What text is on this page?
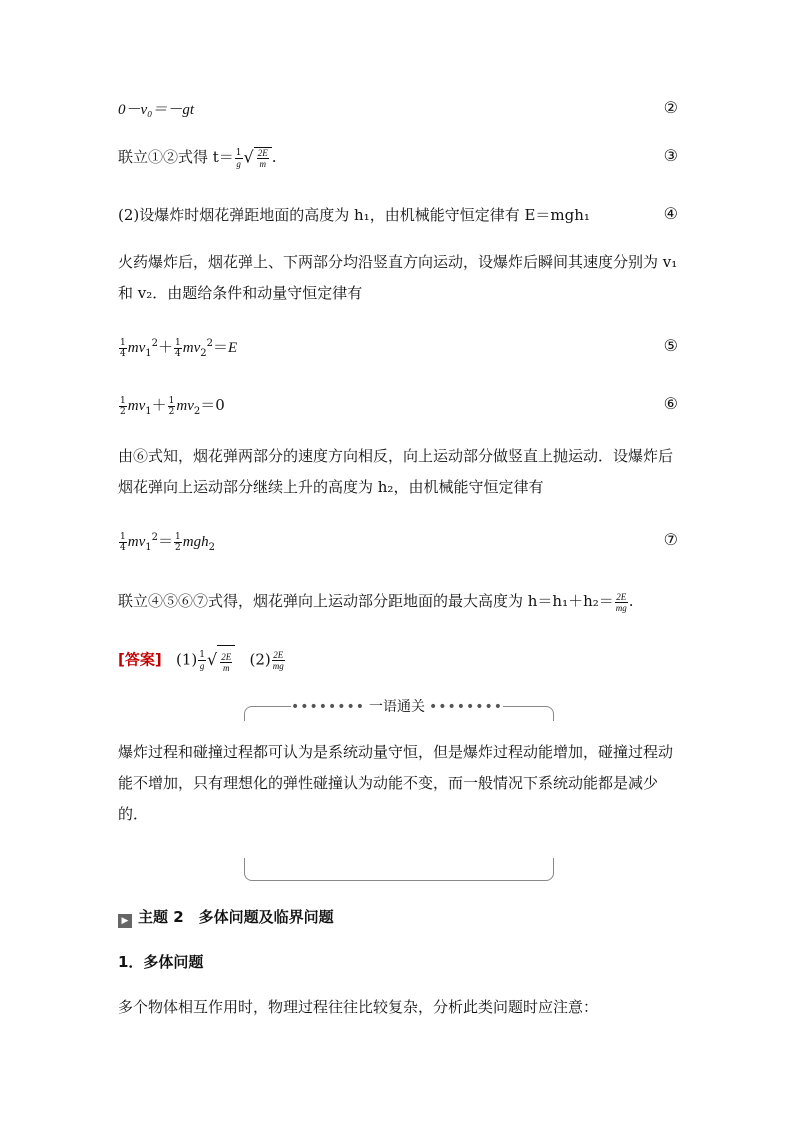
0－v₀＝－gt	②
联立①②式得 $t= \frac{1}{g}$ √ $\frac{2E}{m}$ .	③
(2)设爆炸时烟花弹距地面的高度为 h₁，由机械能守恒定律有 E＝mgh₁	④
火药爆炸后，烟花弹上、下两部分均沿竖直方向运动，设爆炸后瞬间其速度分别为 v₁ 和 v₂．由题给条件和动量守恒定律有
$\frac{1}{4} mv_1^2+ \frac{1}{4} mv_2^2=E$	⑤
$\frac{1}{2} mv_1+ \frac{1}{2} mv_2=0$	⑥
由⑥式知，烟花弹两部分的速度方向相反，向上运动部分做竖直上抛运动．设爆炸后烟花弹向上运动部分继续上升的高度为 h₂，由机械能守恒定律有
$\frac{1}{4} mv_1^2= \frac{1}{2} mgh_2$	⑦
联立④⑤⑥⑦式得，烟花弹向上运动部分距地面的最大高度为 $h=h_1+h_2= \frac{2E}{mg}$ .
[答案] $(1) \frac{1}{g}$ √ $\frac{2E}{m} (2) \frac{2E}{mg}$
•••••••• 一语通关 ••••••••
爆炸过程和碰撞过程都可认为是系统动量守恒，但是爆炸过程动能增加，碰撞过程动能不增加，只有理想化的弹性碰撞认为动能不变，而一般情况下系统动能都是减少的．
▶ 主题 2　多体问题及临界问题
1．多体问题
多个物体相互作用时，物理过程往往比较复杂，分析此类问题时应注意：
